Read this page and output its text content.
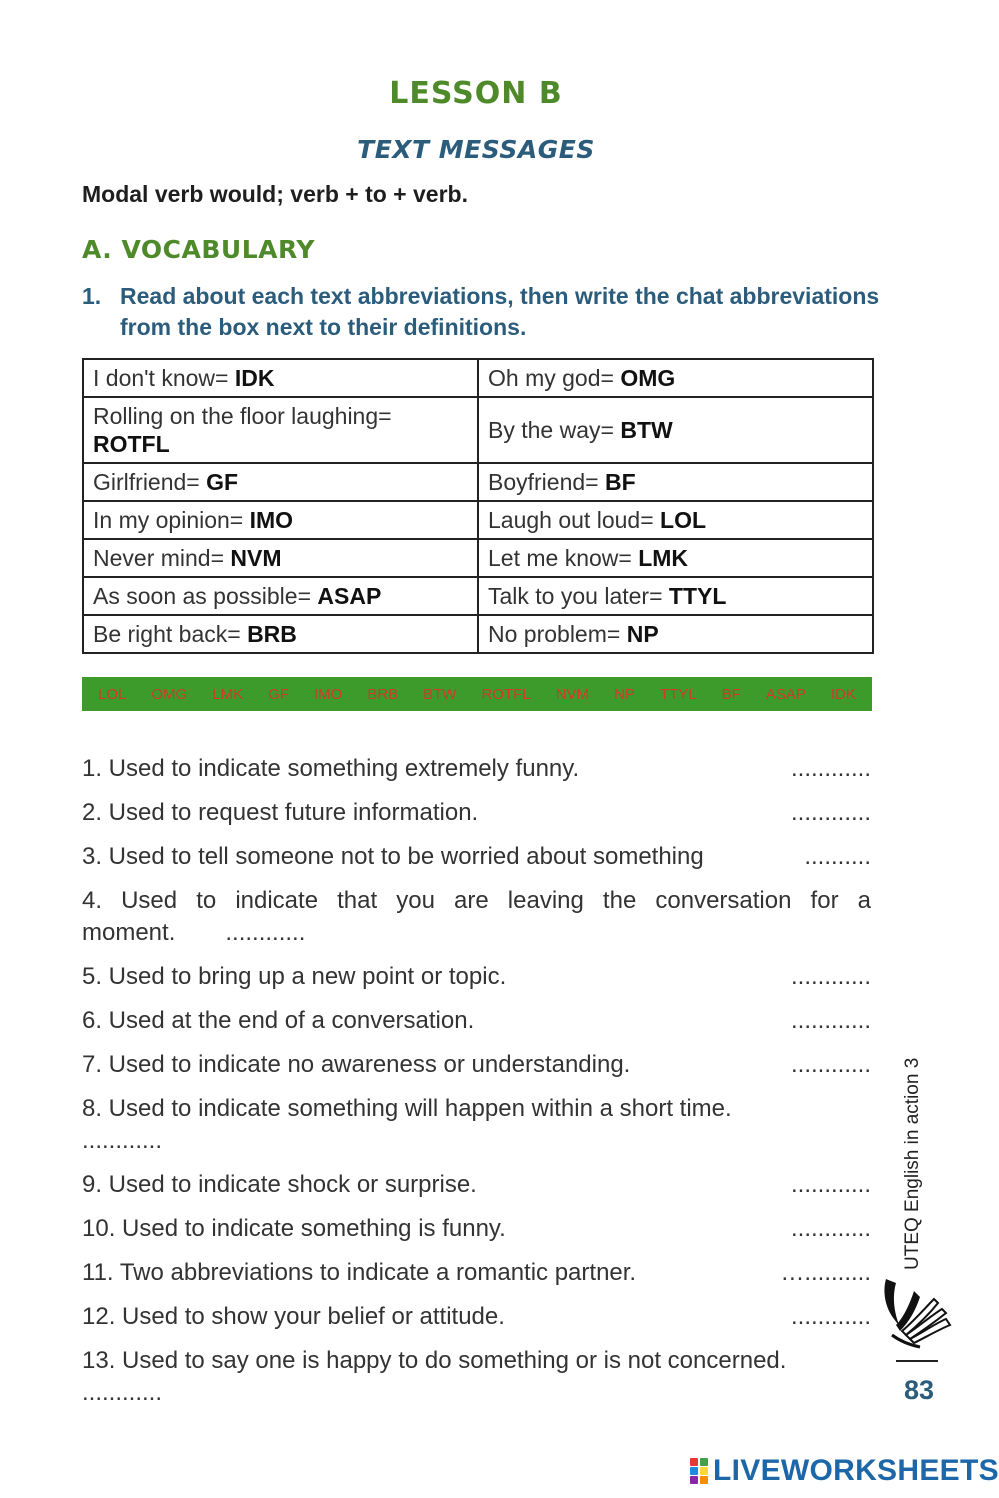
LESSON B
TEXT MESSAGES
Modal verb would; verb + to + verb.
A. VOCABULARY
1. Read about each text abbreviations, then write the chat abbreviations from the box next to their definitions.
I don't know= IDK	Oh my god= OMG
Rolling on the floor laughing= ROTFL	By the way= BTW
Girlfriend= GF	Boyfriend= BF
In my opinion= IMO	Laugh out loud= LOL
Never mind= NVM	Let me know= LMK
As soon as possible= ASAP	Talk to you later= TTYL
Be right back= BRB	No problem= NP
LOL OMG LMK GF IMO BRB BTW ROTFL NVM NP TTYL BF ASAP IDK
1. Used to indicate something extremely funny.	............
2. Used to request future information.	............
3. Used to tell someone not to be worried about something	..........
4. Used to indicate that you are leaving the conversation for a moment. ............
5. Used to bring up a new point or topic.	............
6. Used at the end of a conversation.	............
7. Used to indicate no awareness or understanding.	............
8. Used to indicate something will happen within a short time.
............
9. Used to indicate shock or surprise.	............
10. Used to indicate something is funny.	............
11. Two abbreviations to indicate a romantic partner.	…..........
12. Used to show your belief or attitude.	............
13. Used to say one is happy to do something or is not concerned.
............
UTEQ English in action 3
83
LIVEWORKSHEETS
